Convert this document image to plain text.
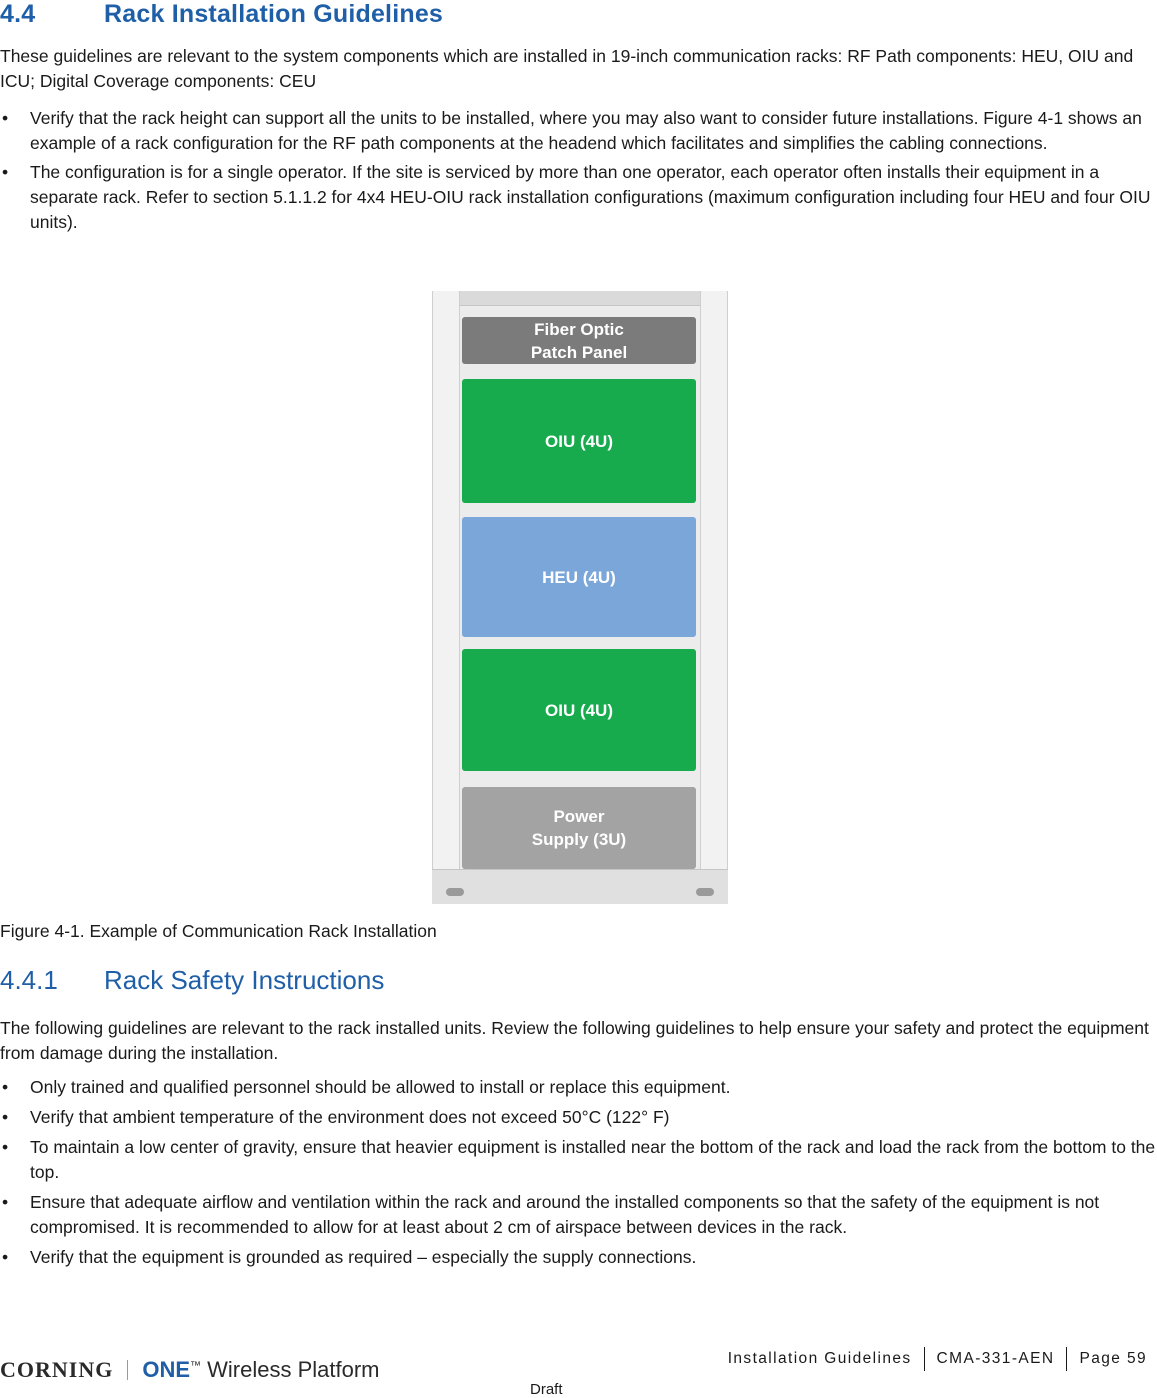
4.4	Rack Installation Guidelines
These guidelines are relevant to the system components which are installed in 19-inch communication racks: RF Path components: HEU, OIU and ICU; Digital Coverage components: CEU
• Verify that the rack height can support all the units to be installed, where you may also want to consider future installations. Figure 4-1 shows an example of a rack configuration for the RF path components at the headend which facilitates and simplifies the cabling connections.
• The configuration is for a single operator. If the site is serviced by more than one operator, each operator often installs their equipment in a separate rack. Refer to section 5.1.1.2 for 4x4 HEU-OIU rack installation configurations (maximum configuration including four HEU and four OIU units).
Fiber Optic
Patch Panel
OIU (4U)
HEU (4U)
OIU (4U)
Power
Supply (3U)
Figure 4-1. Example of Communication Rack Installation
4.4.1 Rack Safety Instructions
The following guidelines are relevant to the rack installed units. Review the following guidelines to help ensure your safety and protect the equipment from damage during the installation.
• Only trained and qualified personnel should be allowed to install or replace this equipment.
• Verify that ambient temperature of the environment does not exceed 50°C (122° F)
• To maintain a low center of gravity, ensure that heavier equipment is installed near the bottom of the rack and load the rack from the bottom to the top.
• Ensure that adequate airflow and ventilation within the rack and around the installed components so that the safety of the equipment is not compromised. It is recommended to allow for at least about 2 cm of airspace between devices in the rack.
• Verify that the equipment is grounded as required – especially the supply connections.
CORNING ONE™ Wireless Platform	Installation Guidelines	CMA-331-AEN	Page 59
Draft
